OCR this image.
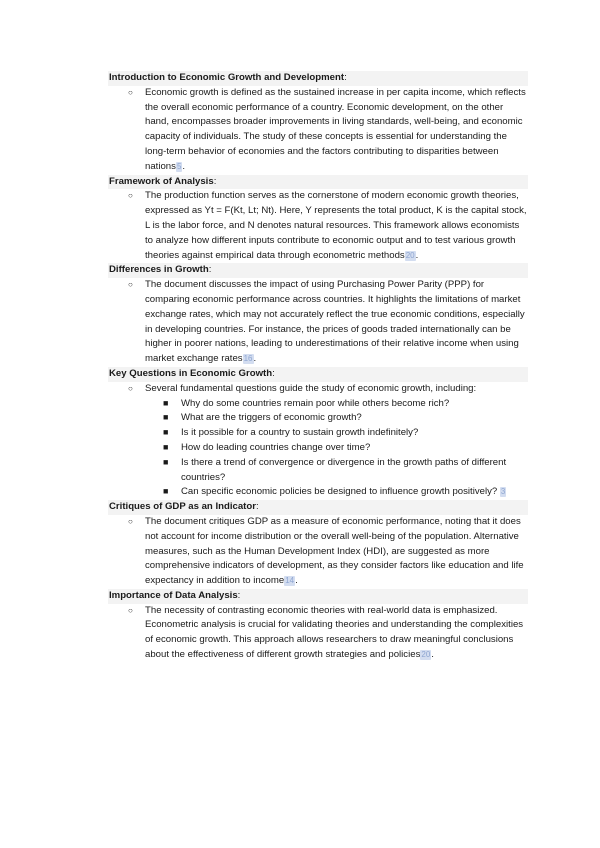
Introduction to Economic Growth and Development:

○ Economic growth is defined as the sustained increase in per capita income, which reflects the overall economic performance of a country. Economic development, on the other hand, encompasses broader improvements in living standards, well-being, and economic capacity of individuals. The study of these concepts is essential for understanding the long-term behavior of economies and the factors contributing to disparities between nations5.

Framework of Analysis:

○ The production function serves as the cornerstone of modern economic growth theories, expressed as Yt = F(Kt, Lt; Nt). Here, Y represents the total product, K is the capital stock, L is the labor force, and N denotes natural resources. This framework allows economists to analyze how different inputs contribute to economic output and to test various growth theories against empirical data through econometric methods20.

Differences in Growth:

○ The document discusses the impact of using Purchasing Power Parity (PPP) for comparing economic performance across countries. It highlights the limitations of market exchange rates, which may not accurately reflect the true economic conditions, especially in developing countries. For instance, the prices of goods traded internationally can be higher in poorer nations, leading to underestimations of their relative income when using market exchange rates16.

Key Questions in Economic Growth:

○ Several fundamental questions guide the study of economic growth, including:

■ Why do some countries remain poor while others become rich?

■ What are the triggers of economic growth?

■ Is it possible for a country to sustain growth indefinitely?

■ How do leading countries change over time?

■ Is there a trend of convergence or divergence in the growth paths of different countries?

■ Can specific economic policies be designed to influence growth positively? 3

Critiques of GDP as an Indicator:

○ The document critiques GDP as a measure of economic performance, noting that it does not account for income distribution or the overall well-being of the population. Alternative measures, such as the Human Development Index (HDI), are suggested as more comprehensive indicators of development, as they consider factors like education and life expectancy in addition to income14.

Importance of Data Analysis:

○ The necessity of contrasting economic theories with real-world data is emphasized. Econometric analysis is crucial for validating theories and understanding the complexities of economic growth. This approach allows researchers to draw meaningful conclusions about the effectiveness of different growth strategies and policies20.
